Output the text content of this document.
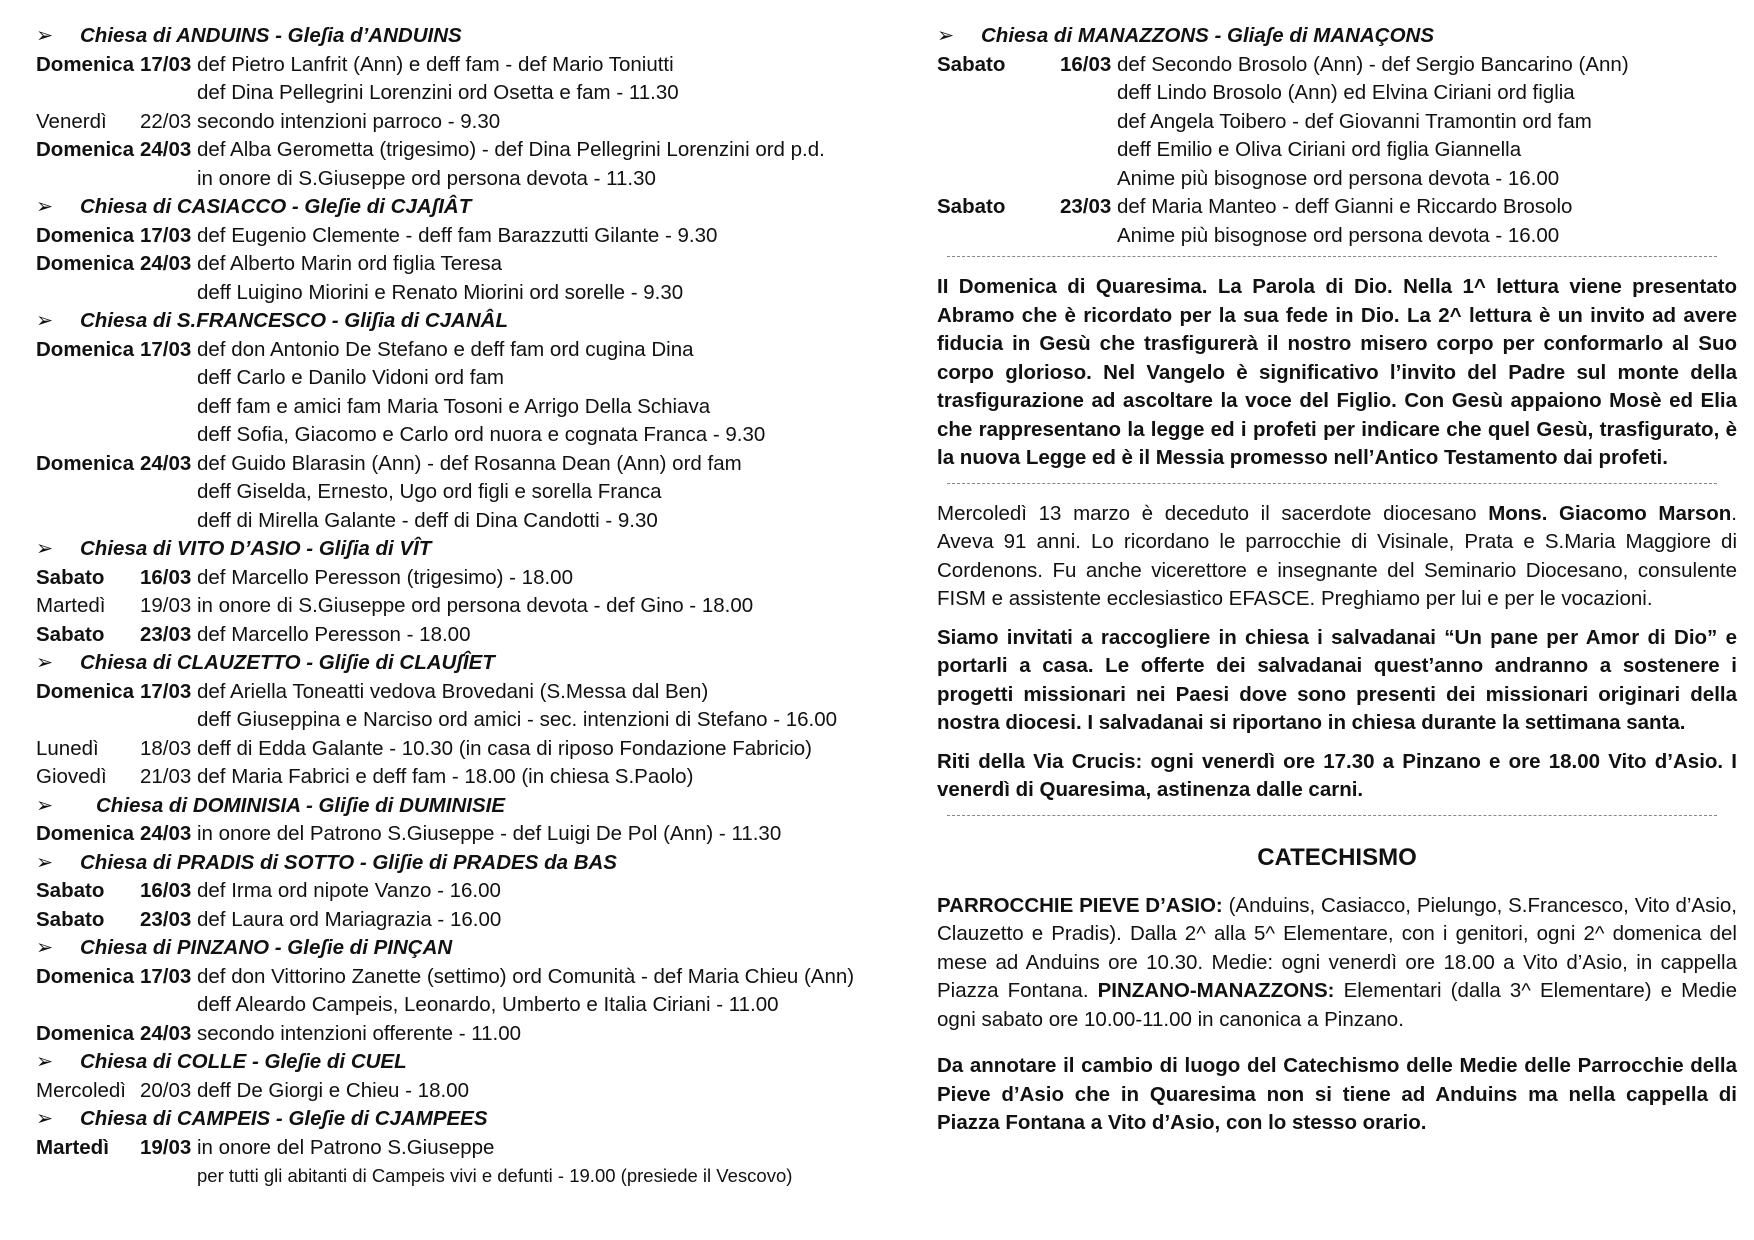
➢ Chiesa di ANDUINS - Gleʃia d’ANDUINS
Domenica 17/03 def Pietro Lanfrit (Ann) e deff fam - def Mario Toniutti
def Dina Pellegrini Lorenzini ord Osetta e fam - 11.30
Venerdì	22/03 secondo intenzioni parroco - 9.30
Domenica 24/03 def Alba Gerometta (trigesimo) - def Dina Pellegrini Lorenzini ord p.d.
in onore di S.Giuseppe ord persona devota - 11.30
➢ Chiesa di CASIACCO - Gleʃie di CJAʃIÂT
Domenica 17/03 def Eugenio Clemente - deff fam Barazzutti Gilante - 9.30
Domenica 24/03 def Alberto Marin ord figlia Teresa
deff Luigino Miorini e Renato Miorini ord sorelle - 9.30
➢ Chiesa di S.FRANCESCO - Gliʃia di CJANÂL
Domenica 17/03 def don Antonio De Stefano e deff fam ord cugina Dina
deff Carlo e Danilo Vidoni ord fam
deff fam e amici fam Maria Tosoni e Arrigo Della Schiava
deff Sofia, Giacomo e Carlo ord nuora e cognata Franca - 9.30
Domenica 24/03 def Guido Blarasin (Ann) - def Rosanna Dean (Ann) ord fam
deff Giselda, Ernesto, Ugo ord figli e sorella Franca
deff di Mirella Galante - deff di Dina Candotti - 9.30
➢ Chiesa di VITO D’ASIO - Gliʃia di VÎT
Sabato	16/03 def Marcello Peresson (trigesimo) - 18.00
Martedì	19/03 in onore di S.Giuseppe ord persona devota - def Gino - 18.00
Sabato	23/03 def Marcello Peresson - 18.00
➢ Chiesa di CLAUZETTO - Gliʃie di CLAUʃÎET
Domenica 17/03 def Ariella Toneatti vedova Brovedani (S.Messa dal Ben)
deff Giuseppina e Narciso ord amici - sec. intenzioni di Stefano - 16.00
Lunedì	18/03 deff di Edda Galante - 10.30 (in casa di riposo Fondazione Fabricio)
Giovedì	21/03 def Maria Fabrici e deff fam - 18.00 (in chiesa S.Paolo)
➢ Chiesa di DOMINISIA - Gliʃie di DUMINISIE
Domenica 24/03 in onore del Patrono S.Giuseppe - def Luigi De Pol (Ann) - 11.30
➢ Chiesa di PRADIS di SOTTO - Gliʃie di PRADES da BAS
Sabato	16/03 def Irma ord nipote Vanzo - 16.00
Sabato	23/03 def Laura ord Mariagrazia - 16.00
➢ Chiesa di PINZANO - Gleʃie di PINÇAN
Domenica 17/03 def don Vittorino Zanette (settimo) ord Comunità - def Maria Chieu (Ann)
deff Aleardo Campeis, Leonardo, Umberto e Italia Ciriani - 11.00
Domenica 24/03 secondo intenzioni offerente - 11.00
➢ Chiesa di COLLE - Gleʃie di CUEL
Mercoledì 20/03 deff De Giorgi e Chieu - 18.00
➢ Chiesa di CAMPEIS - Gleʃie di CJAMPEES
Martedì	19/03 in onore del Patrono S.Giuseppe
per tutti gli abitanti di Campeis vivi e defunti - 19.00 (presiede il Vescovo)
➢ Chiesa di MANAZZONS - Gliaʃe di MANAÇONS
Sabato	16/03 def Secondo Brosolo (Ann) - def Sergio Bancarino (Ann)
deff Lindo Brosolo (Ann) ed Elvina Ciriani ord figlia
def Angela Toibero - def Giovanni Tramontin ord fam
deff Emilio e Oliva Ciriani ord figlia Giannella
Anime più bisognose ord persona devota - 16.00
Sabato	23/03 def Maria Manteo - deff Gianni e Riccardo Brosolo
Anime più bisognose ord persona devota - 16.00

II Domenica di Quaresima. La Parola di Dio. Nella 1^ lettura viene presentato Abramo che è ricordato per la sua fede in Dio. La 2^ lettura è un invito ad avere fiducia in Gesù che trasfigurerà il nostro misero corpo per conformarlo al Suo corpo glorioso. Nel Vangelo è significativo l’invito del Padre sul monte della trasfigurazione ad ascoltare la voce del Figlio. Con Gesù appaiono Mosè ed Elia che rappresentano la legge ed i profeti per indicare che quel Gesù, trasfigurato, è la nuova Legge ed è il Messia promesso nell’Antico Testamento dai profeti.

Mercoledì 13 marzo è deceduto il sacerdote diocesano Mons. Giacomo Marson. Aveva 91 anni. Lo ricordano le parrocchie di Visinale, Prata e S.Maria Maggiore di Cordenons. Fu anche vicerettore e insegnante del Seminario Diocesano, consulente FISM e assistente ecclesiastico EFASCE. Preghiamo per lui e per le vocazioni.

Siamo invitati a raccogliere in chiesa i salvadanai “Un pane per Amor di Dio” e portarli a casa. Le offerte dei salvadanai quest’anno andranno a sostenere i progetti missionari nei Paesi dove sono presenti dei missionari originari della nostra diocesi. I salvadanai si riportano in chiesa durante la settimana santa.

Riti della Via Crucis: ogni venerdì ore 17.30 a Pinzano e ore 18.00 Vito d’Asio. I venerdì di Quaresima, astinenza dalle carni.

CATECHISMO

PARROCCHIE PIEVE D’ASIO: (Anduins, Casiacco, Pielungo, S.Francesco, Vito d’Asio, Clauzetto e Pradis). Dalla 2^ alla 5^ Elementare, con i genitori, ogni 2^ domenica del mese ad Anduins ore 10.30. Medie: ogni venerdì ore 18.00 a Vito d’Asio, in cappella Piazza Fontana. PINZANO-MANAZZONS: Elementari (dalla 3^ Elementare) e Medie ogni sabato ore 10.00-11.00 in canonica a Pinzano.

Da annotare il cambio di luogo del Catechismo delle Medie delle Parrocchie della Pieve d’Asio che in Quaresima non si tiene ad Anduins ma nella cappella di Piazza Fontana a Vito d’Asio, con lo stesso orario.
